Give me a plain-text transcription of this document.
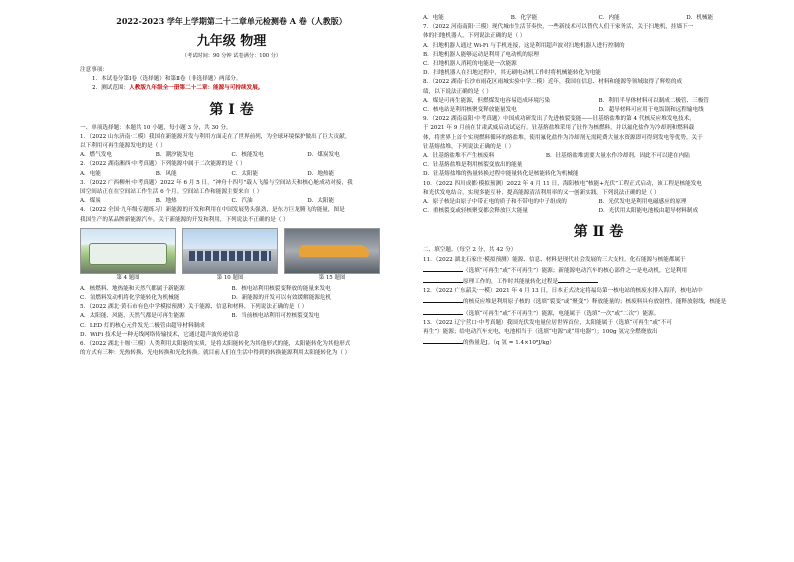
2022-2023 学年上学期第二十二章单元检测卷 A 卷（人教版）
九年级 物理
（考试时间：90 分钟 试卷满分：100 分）
注意事项：
1．本试卷分第Ⅰ卷（选择题）和第Ⅱ卷（非选择题）两部分。
2．测试范围：人教版九年级全一册第二十二章：能源与可持续发展。
第 Ⅰ 卷
一、单项选择题：本题共 10 小题，每小题 3 分，共 30 分。
1．（2022 山东济南·二模）我国在新能源开发与利用方面走在了世界前列，为全球环境保护做出了巨大贡献。
以下利用可再生能源发电的是（ ）
A．燃气发电	B．潮汐能发电	C．核能发电	D．煤炭发电
2．（2022 湖南湘西·中考真题）下列能源中属于二次能源的是（ ）
A．电能	B．风能	C．太阳能	D．地热能
3．（2022 广西柳州·中考真题）2022 年 6 月 5 日，“神舟十四号”载人飞船与空间站天和核心舱成功对接，我
国空间站正在在空间站工作生活 6 个月。空间站工作和能源主要来自（ ）
A．煤炭	B．地热	C．汽油	D．太阳能
4．（2022 全国·九年级专题练习）新能源的开发和利用在中国发展势头强劲，是东方巨龙腾飞的能量，图是
我国生产的某品牌新能源汽车。关于新能源的开发和利用，下列说法不正确的是（ ）
第 4 题图	第 10 题图	第 15 题图
A．核燃料、地热能和天然气都属于新能源	B．核电站利用核裂变释放的能量来发电
C．氢燃料发动机将化学能转化为机械能	D．新能源的开发可以有效缓解能源危机
5．（2022 湖北·黄石市有色中学模拟预测）关于能源、信息和材料，下列说法正确的是（ ）
A．太阳能、风能、天然气都是可再生能源	B．当前核电站利用可控核裂变发电
C．LED 灯的核心元件发光二极管由超导材料制成
D．WiFi 技术是一种无线网络传输技术，它通过超声波传递信息
6．（2022 湖北十堰·三模）人类利用太阳能的实质，是将太阳能转化为其他形式的能，太阳能转化为其他形式
的方式有三种：光热转换、光电转换和光化转换。就目前人们在生活中得到的转换能源利用太阳能转化为（ ）
A．电能	B．化学能	C．内能	D．机械能
7．（2022 河南南阳·三模）现代城市生活节奏快，一些新技术可以替代人们干家务活，关于扫地机，挂墙下一
体的扫地机器人，下列说法正确的是（ ）
A．扫地机器人通过 Wi-Fi 与手机连接，这是利用超声波对扫地机器人进行控制的
B．扫地机器人能够运动是利用了电动机的原理
C．扫地机器人消耗的电能是一次能源
D．扫地机器人在扫地过程中，其无刷电动机工作时将机械能转化为电能
8．（2022 湖南·长沙市雨花区雨城实验中学二模）近年，我国在信息、材料和能源等领域取得了辉煌的成
绩，以下说法正确的是（ ）
A．煤是可再生能源，但燃煤发电容易造成环境污染	B．利用半导体材料可以制成二极管、三极管
C．核电站是利用核聚变释放能量发电	D．超导材料可应用于电饭锅和远程输电线
9．（2022 湖南益阳·中考真题）中国成功研发出了先进核裂变能——钍基熔盐堆的第 4 代核反应堆发电技术，
于 2021 年 9 月前在甘肃武威启动试运行。钍基熔盐堆采用了钍作为核燃料，并以氟化盐作为冷却剂和燃料载
体，将世界上首个实现燃料循环的熔盐堆。使用氟化盐作为冷却剂无需耗费大量水资源即可得到发电等优势。关于
钍基熔盐堆，下列说法正确的是（ ）
A．钍基熔盐堆不产生核废料	B．钍基熔盐堆需要大量水作冷却剂，因此不可以建在内陆
C．钍基熔盐堆是利用核裂变放出的能量
D．钍基熔盐堆的热量转换过程中能量转化是核能转化为机械能
10．（2022 四川成都·模拟预测）2022 年 4 月 11 日，海阳核电“核能+光伏”工程正式启动，该工程是核能发电
和光伏发电结合，实现多能互补，提高能源清洁利用率的又一创新实践。下列说法正确的是（ ）
A．原子核是由原子中带正电的质子和不带电的中子组成的	B．光伏发电是利用电磁感应的原理
C．重核裂变或轻核聚变都会释放巨大能量	D．光伏用太阳能电池板由超导材料制成
第 Ⅱ 卷
二、填空题。（每空 2 分，共 42 分）
11．（2022 湖北石家庄·模拟预测）能源、信息、材料是现代社会发展的三大支柱。化石能源与核能都属于
（选填“可再生”或“不可再生”）能源；新能源电动汽车的核心部件之一是电动机，它是利用
原理工作的，工作时其能量转化过程是
12．（2022 广东韶关·一模）2021 年 4 月 13 日，日本正式决定将福岛第一核电站的核废水排入海洋，核电站中
的核反应堆是利用原子核的（选填“裂变”或“聚变”）释放能量的；核废料具有放射性，能释放射线，核能是
（选填“可再生”或“不可再生”）能源，电能属于（选填“一次”或“二次”）能源。
13．（2022 辽宁营口·中考真题）我国光伏发电量位居世界首位，太阳能属于（选填“可再生”或“不可
再生”）能源；给电动汽车充电，电池相当于（选填“电源”或“用电器”）；100g 氢完全燃烧放出
的热量是J。（q 氢 = 1.4×10⁸J/kg）
